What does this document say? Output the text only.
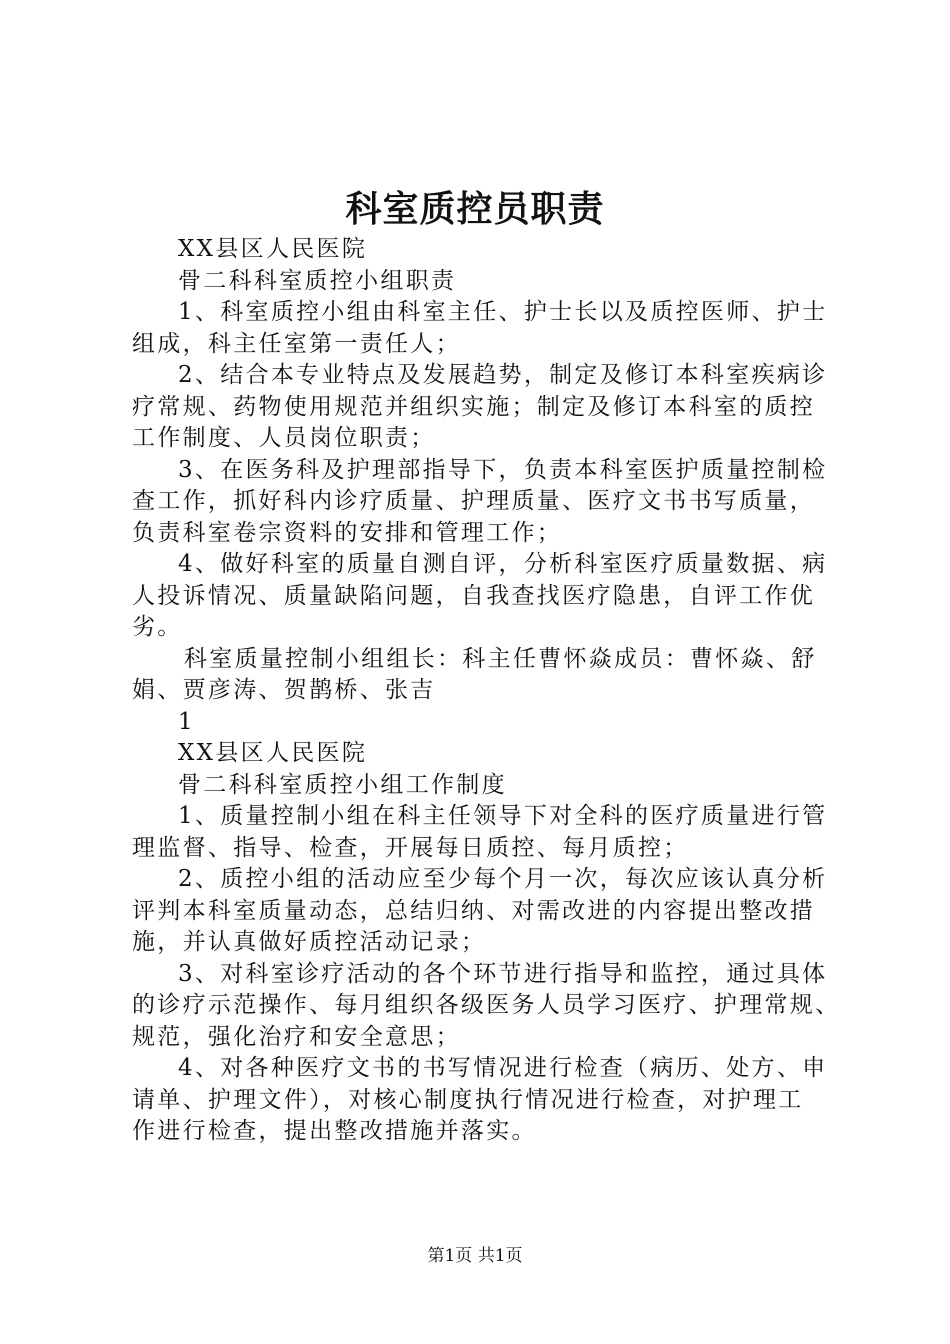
科室质控员职责
XX县区人民医院
骨二科科室质控小组职责
1、科室质控小组由科室主任、护士长以及质控医师、护士
组成，科主任室第一责任人；
2、结合本专业特点及发展趋势，制定及修订本科室疾病诊
疗常规、药物使用规范并组织实施；制定及修订本科室的质控
工作制度、人员岗位职责；
3、在医务科及护理部指导下，负责本科室医护质量控制检
查工作，抓好科内诊疗质量、护理质量、医疗文书书写质量，
负责科室卷宗资料的安排和管理工作；
4、做好科室的质量自测自评，分析科室医疗质量数据、病
人投诉情况、质量缺陷问题，自我查找医疗隐患，自评工作优
劣。
科室质量控制小组组长：科主任曹怀焱成员：曹怀焱、舒
娟、贾彦涛、贺鹊桥、张吉
1
XX县区人民医院
骨二科科室质控小组工作制度
1、质量控制小组在科主任领导下对全科的医疗质量进行管
理监督、指导、检查，开展每日质控、每月质控；
2、质控小组的活动应至少每个月一次，每次应该认真分析
评判本科室质量动态，总结归纳、对需改进的内容提出整改措
施，并认真做好质控活动记录；
3、对科室诊疗活动的各个环节进行指导和监控，通过具体
的诊疗示范操作、每月组织各级医务人员学习医疗、护理常规、
规范，强化治疗和安全意思；
4、对各种医疗文书的书写情况进行检查（病历、处方、申
请单、护理文件），对核心制度执行情况进行检查，对护理工
作进行检查，提出整改措施并落实。
第1页 共1页
